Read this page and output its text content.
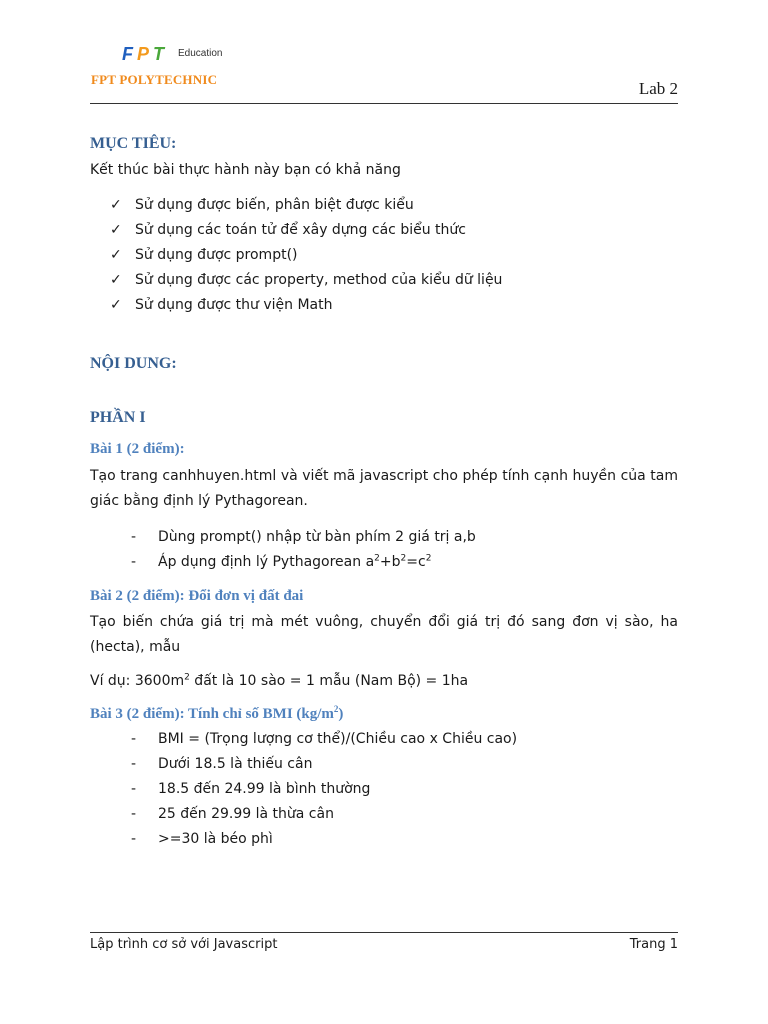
F P T Education
FPT POLYTECHNIC	Lab 2
MỤC TIÊU:

Kết thúc bài thực hành này bạn có khả năng

✓ Sử dụng được biến, phân biệt được kiểu
✓ Sử dụng các toán tử để xây dựng các biểu thức
✓ Sử dụng được prompt()
✓ Sử dụng được các property, method của kiểu dữ liệu
✓ Sử dụng được thư viện Math
NỘI DUNG:
PHẦN I
Bài 1 (2 điểm):

Tạo trang canhhuyen.html và viết mã javascript cho phép tính cạnh huyền của tam giác bằng định lý Pythagorean.

- Dùng prompt() nhập từ bàn phím 2 giá trị a,b
- Áp dụng định lý Pythagorean $a^2+b^2=c^2$
Bài 2 (2 điểm): Đổi đơn vị đất đai

Tạo biến chứa giá trị mà mét vuông, chuyển đổi giá trị đó sang đơn vị sào, ha (hecta), mẫu

Ví dụ: $3600m^2$ đất là 10 sào = 1 mẫu (Nam Bộ) = 1ha

Bài 3 (2 điểm): Tính chỉ số BMI $(kg/m^2)$
- BMI = (Trọng lượng cơ thể)/(Chiều cao x Chiều cao)
- Dưới 18.5 là thiếu cân
- 18.5 đến 24.99 là bình thường
- 25 đến 29.99 là thừa cân
- >=30 là béo phì
Lập trình cơ sở với Javascript	Trang 1
